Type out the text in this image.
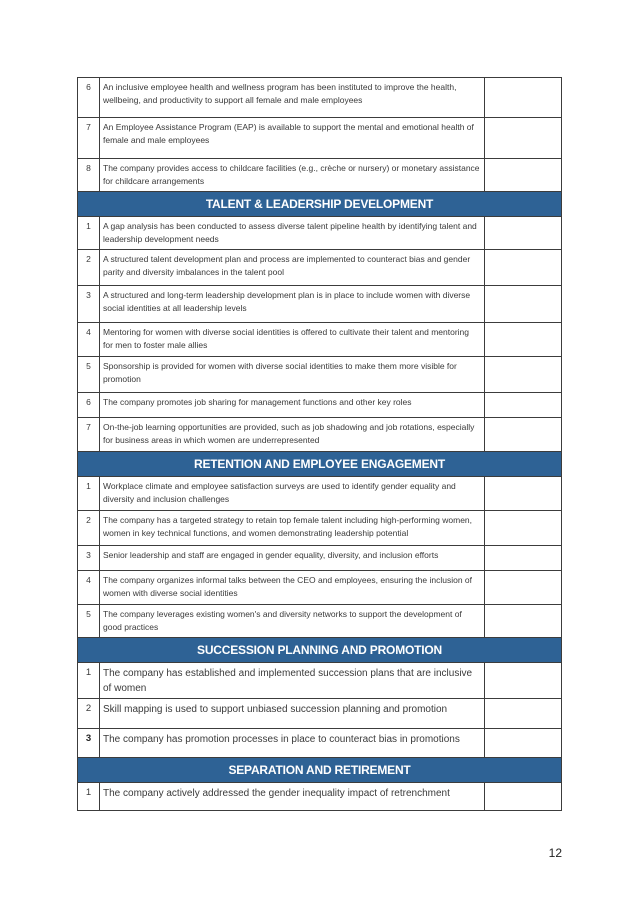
6	An inclusive employee health and wellness program has been instituted to improve the health, wellbeing, and productivity to support all female and male employees	
7	An Employee Assistance Program (EAP) is available to support the mental and emotional health of female and male employees	
8	The company provides access to childcare facilities (e.g., crèche or nursery) or monetary assistance for childcare arrangements	
TALENT & LEADERSHIP DEVELOPMENT		
1	A gap analysis has been conducted to assess diverse talent pipeline health by identifying talent and leadership development needs	
2	A structured talent development plan and process are implemented to counteract bias and gender parity and diversity imbalances in the talent pool	
3	A structured and long-term leadership development plan is in place to include women with diverse social identities at all leadership levels	
4	Mentoring for women with diverse social identities is offered to cultivate their talent and mentoring for men to foster male allies	
5	Sponsorship is provided for women with diverse social identities to make them more visible for promotion	
6	The company promotes job sharing for management functions and other key roles	
7	On-the-job learning opportunities are provided, such as job shadowing and job rotations, especially for business areas in which women are underrepresented	
RETENTION AND EMPLOYEE ENGAGEMENT		
1	Workplace climate and employee satisfaction surveys are used to identify gender equality and diversity and inclusion challenges	
2	The company has a targeted strategy to retain top female talent including high-performing women, women in key technical functions, and women demonstrating leadership potential	
3	Senior leadership and staff are engaged in gender equality, diversity, and inclusion efforts	
4	The company organizes informal talks between the CEO and employees, ensuring the inclusion of women with diverse social identities	
5	The company leverages existing women's and diversity networks to support the development of good practices	
SUCCESSION PLANNING AND PROMOTION		
1	The company has established and implemented succession plans that are inclusive of women	
2	Skill mapping is used to support unbiased succession planning and promotion	
3	The company has promotion processes in place to counteract bias in promotions	
SEPARATION AND RETIREMENT		
1	The company actively addressed the gender inequality impact of retrenchment	
12
